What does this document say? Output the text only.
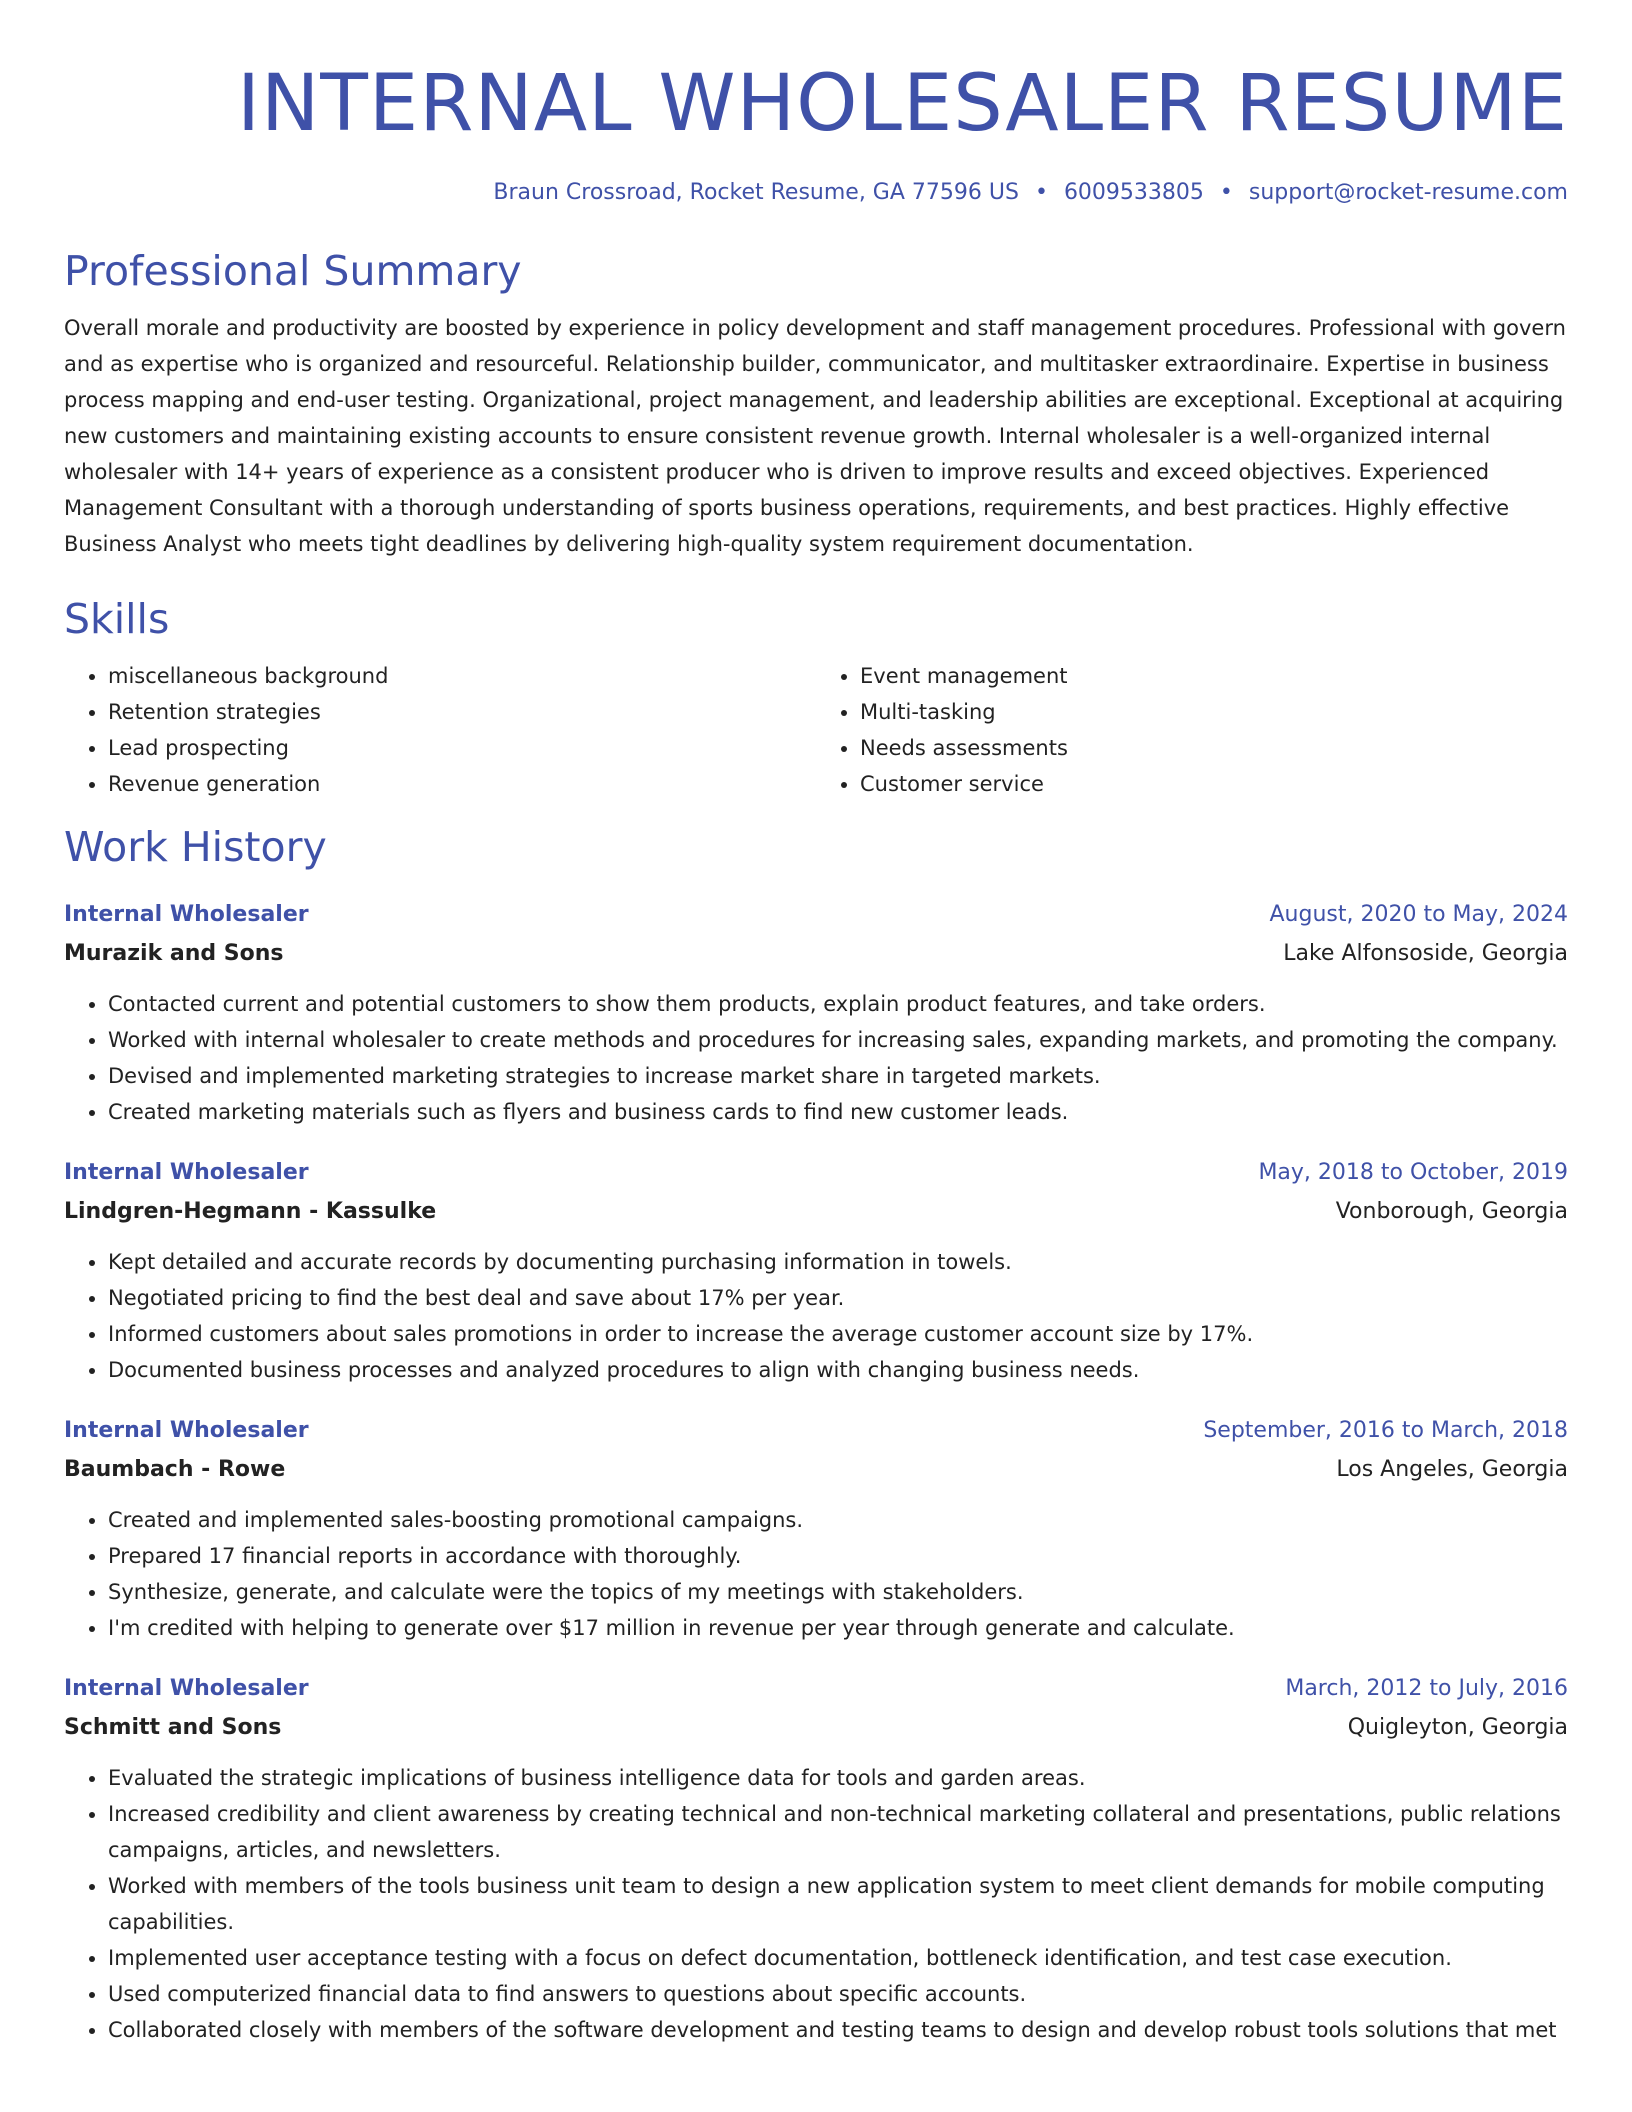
INTERNAL WHOLESALER RESUME
Braun Crossroad, Rocket Resume, GA 77596 US • 6009533805 • support@rocket-resume.com
Professional Summary
Overall morale and productivity are boosted by experience in policy development and staff management procedures. Professional with govern and as expertise who is organized and resourceful. Relationship builder, communicator, and multitasker extraordinaire. Expertise in business process mapping and end-user testing. Organizational, project management, and leadership abilities are exceptional. Exceptional at acquiring new customers and maintaining existing accounts to ensure consistent revenue growth. Internal wholesaler is a well-organized internal wholesaler with 14+ years of experience as a consistent producer who is driven to improve results and exceed objectives. Experienced Management Consultant with a thorough understanding of sports business operations, requirements, and best practices. Highly effective Business Analyst who meets tight deadlines by delivering high-quality system requirement documentation.
Skills
• miscellaneous background
• Retention strategies
• Lead prospecting
• Revenue generation
• Event management
• Multi-tasking
• Needs assessments
• Customer service
Work History
Internal Wholesaler	August, 2020 to May, 2024
Murazik and Sons	Lake Alfonsoside, Georgia
• Contacted current and potential customers to show them products, explain product features, and take orders.
• Worked with internal wholesaler to create methods and procedures for increasing sales, expanding markets, and promoting the company.
• Devised and implemented marketing strategies to increase market share in targeted markets.
• Created marketing materials such as flyers and business cards to find new customer leads.
Internal Wholesaler	May, 2018 to October, 2019
Lindgren-Hegmann - Kassulke	Vonborough, Georgia
• Kept detailed and accurate records by documenting purchasing information in towels.
• Negotiated pricing to find the best deal and save about 17% per year.
• Informed customers about sales promotions in order to increase the average customer account size by 17%.
• Documented business processes and analyzed procedures to align with changing business needs.
Internal Wholesaler	September, 2016 to March, 2018
Baumbach - Rowe	Los Angeles, Georgia
• Created and implemented sales-boosting promotional campaigns.
• Prepared 17 financial reports in accordance with thoroughly.
• Synthesize, generate, and calculate were the topics of my meetings with stakeholders.
• I'm credited with helping to generate over $17 million in revenue per year through generate and calculate.
Internal Wholesaler	March, 2012 to July, 2016
Schmitt and Sons	Quigleyton, Georgia
• Evaluated the strategic implications of business intelligence data for tools and garden areas.
• Increased credibility and client awareness by creating technical and non-technical marketing collateral and presentations, public relations campaigns, articles, and newsletters.
• Worked with members of the tools business unit team to design a new application system to meet client demands for mobile computing capabilities.
• Implemented user acceptance testing with a focus on defect documentation, bottleneck identification, and test case execution.
• Used computerized financial data to find answers to questions about specific accounts.
• Collaborated closely with members of the software development and testing teams to design and develop robust tools solutions that met
